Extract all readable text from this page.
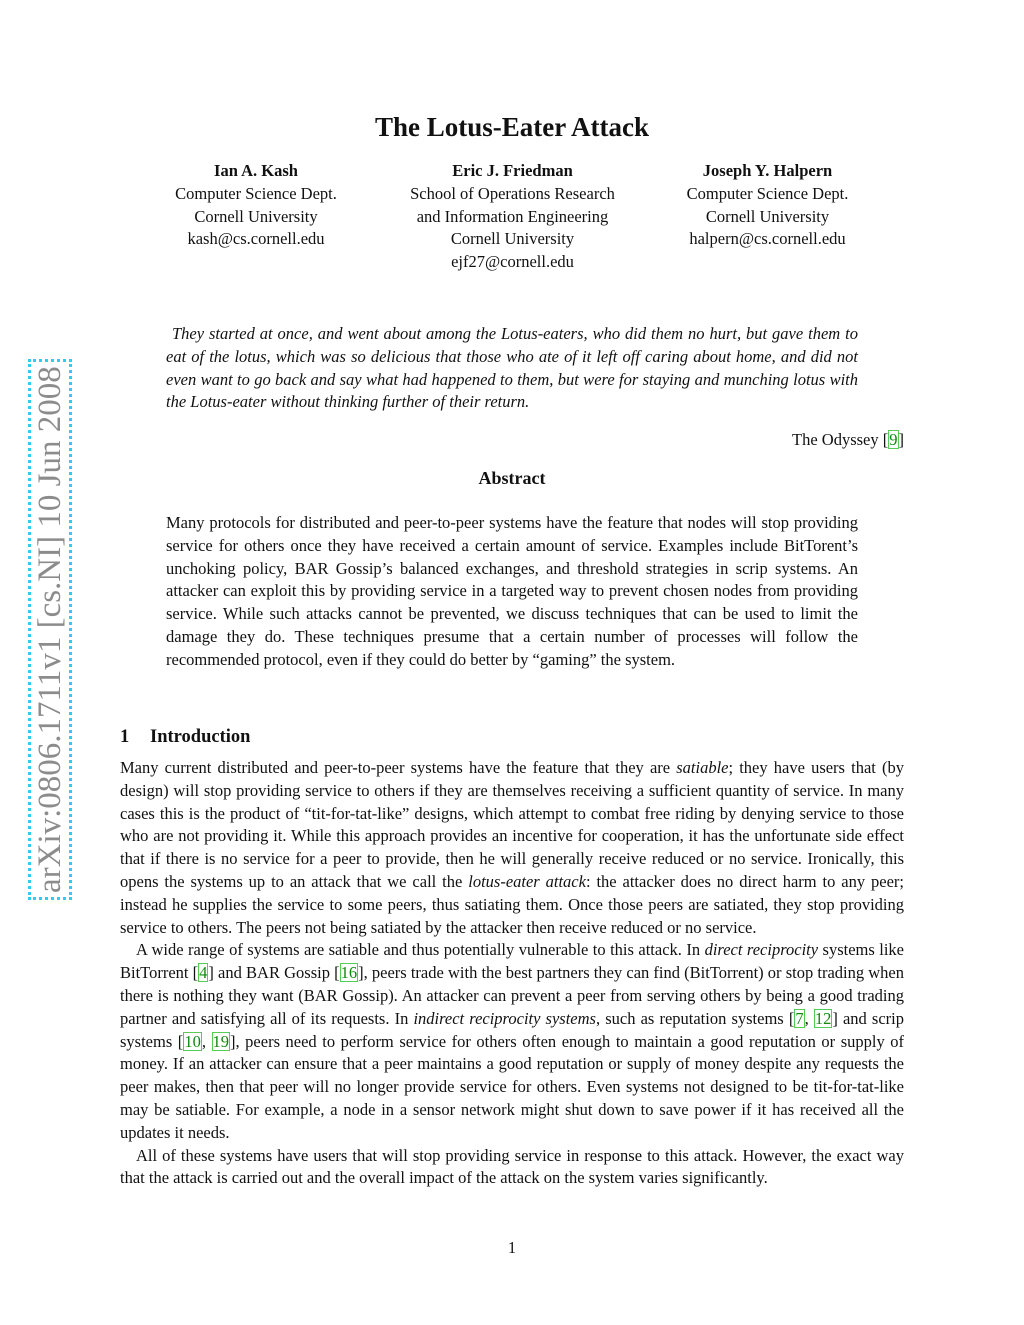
arXiv:0806.1711v1 [cs.NI] 10 Jun 2008
The Lotus-Eater Attack
Ian A. Kash
Computer Science Dept.
Cornell University
kash@cs.cornell.edu
Eric J. Friedman
School of Operations Research
and Information Engineering
Cornell University
ejf27@cornell.edu
Joseph Y. Halpern
Computer Science Dept.
Cornell University
halpern@cs.cornell.edu

They started at once, and went about among the Lotus-eaters, who did them no hurt, but gave them to eat of the lotus, which was so delicious that those who ate of it left off caring about home, and did not even want to go back and say what had happened to them, but were for staying and munching lotus with the Lotus-eater without thinking further of their return.

The Odyssey [9]
Abstract

Many protocols for distributed and peer-to-peer systems have the feature that nodes will stop providing service for others once they have received a certain amount of service. Examples include BitTorent’s unchoking policy, BAR Gossip’s balanced exchanges, and threshold strategies in scrip systems. An attacker can exploit this by providing service in a targeted way to prevent chosen nodes from providing service. While such attacks cannot be prevented, we discuss techniques that can be used to limit the damage they do. These techniques presume that a certain number of processes will follow the recommended protocol, even if they could do better by “gaming” the system.

1 Introduction

Many current distributed and peer-to-peer systems have the feature that they are satiable; they have users that (by design) will stop providing service to others if they are themselves receiving a sufficient quantity of service. In many cases this is the product of “tit-for-tat-like” designs, which attempt to combat free riding by denying service to those who are not providing it. While this approach provides an incentive for cooperation, it has the unfortunate side effect that if there is no service for a peer to provide, then he will generally receive reduced or no service. Ironically, this opens the systems up to an attack that we call the lotus-eater attack: the attacker does no direct harm to any peer; instead he supplies the service to some peers, thus satiating them. Once those peers are satiated, they stop providing service to others. The peers not being satiated by the attacker then receive reduced or no service.

A wide range of systems are satiable and thus potentially vulnerable to this attack. In direct reciprocity systems like BitTorrent [4] and BAR Gossip [16], peers trade with the best partners they can find (BitTorrent) or stop trading when there is nothing they want (BAR Gossip). An attacker can prevent a peer from serving others by being a good trading partner and satisfying all of its requests. In indirect reciprocity systems, such as reputation systems [7, 12] and scrip systems [10, 19], peers need to perform service for others often enough to maintain a good reputation or supply of money. If an attacker can ensure that a peer maintains a good reputation or supply of money despite any requests the peer makes, then that peer will no longer provide service for others. Even systems not designed to be tit-for-tat-like may be satiable. For example, a node in a sensor network might shut down to save power if it has received all the updates it needs.

All of these systems have users that will stop providing service in response to this attack. However, the exact way that the attack is carried out and the overall impact of the attack on the system varies significantly.

1
